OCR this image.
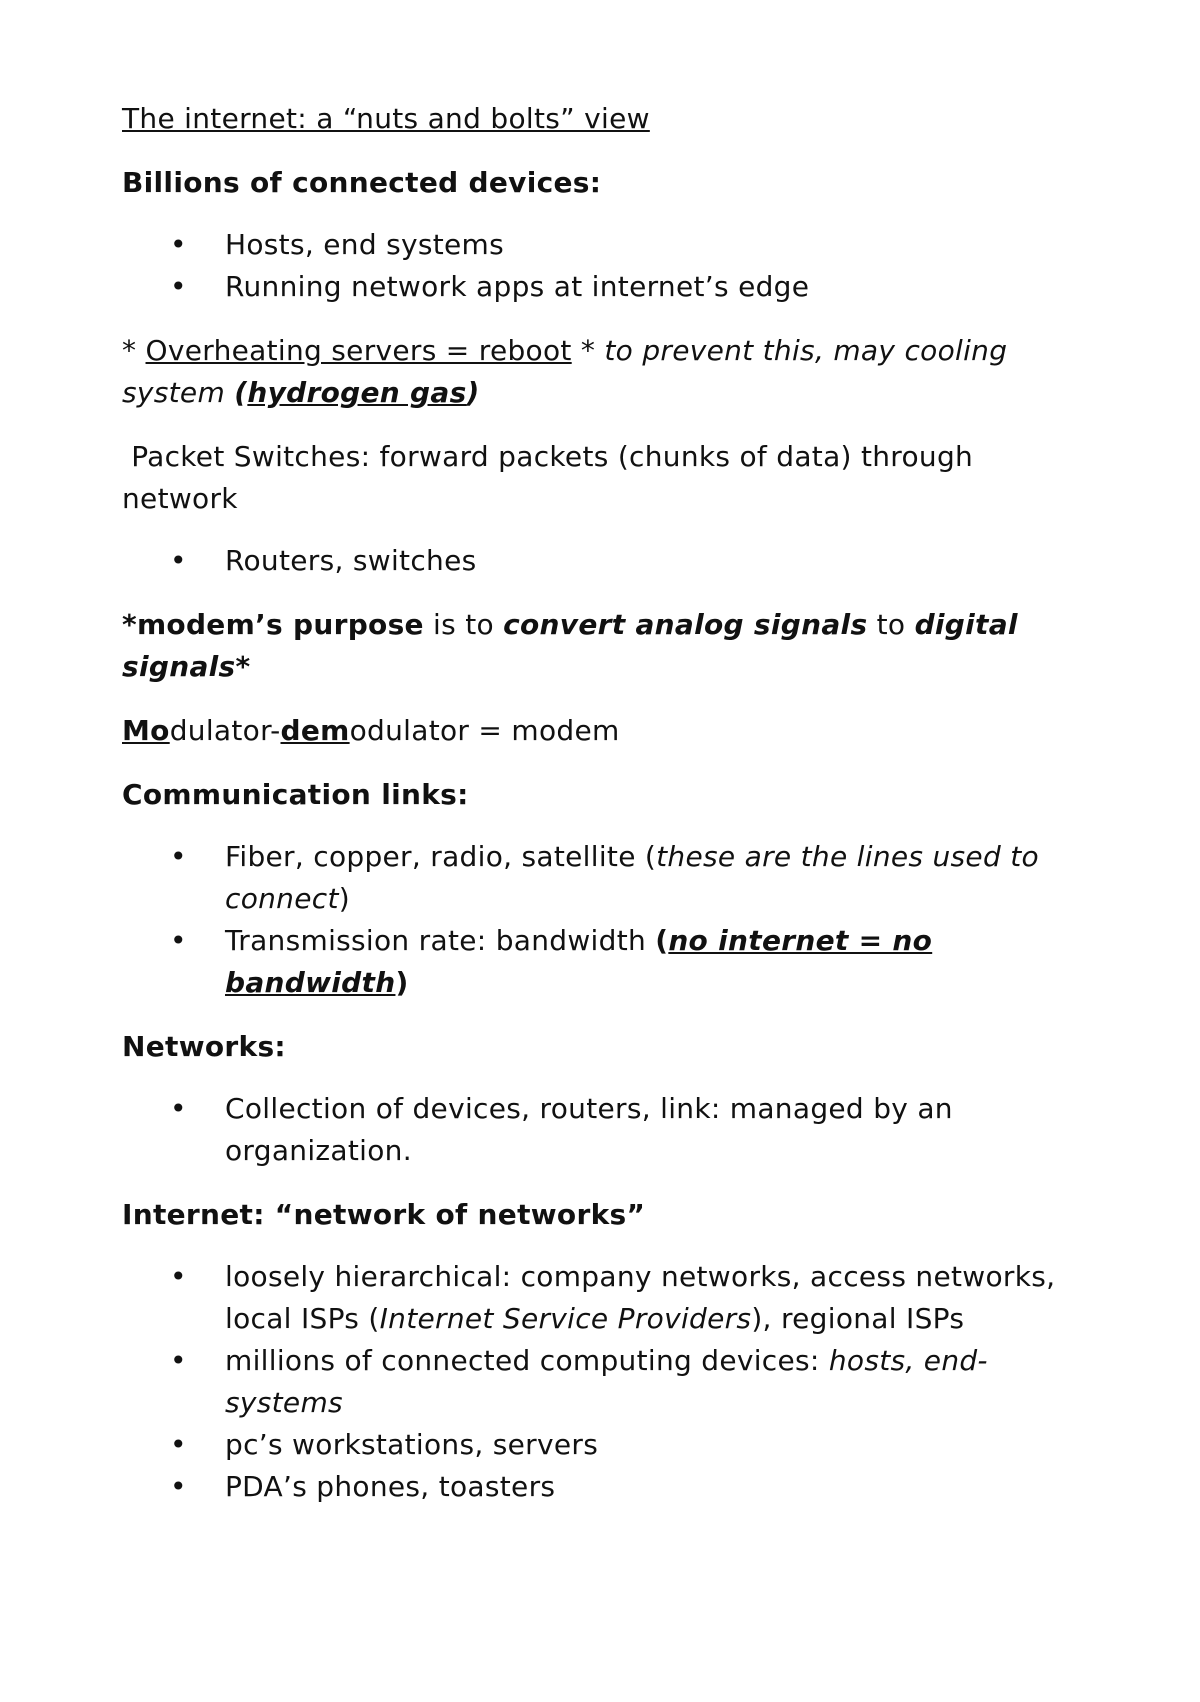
The internet: a “nuts and bolts” view

Billions of connected devices:

• Hosts, end systems
• Running network apps at internet’s edge

* Overheating servers = reboot * to prevent this, may cooling system (hydrogen gas)

Packet Switches: forward packets (chunks of data) through network

• Routers, switches

*modem’s purpose is to convert analog signals to digital signals*

Modulator-demodulator = modem

Communication links:

• Fiber, copper, radio, satellite (these are the lines used to connect)
• Transmission rate: bandwidth (no internet = no bandwidth)

Networks:

• Collection of devices, routers, link: managed by an organization.

Internet: “network of networks”

• loosely hierarchical: company networks, access networks, local ISPs (Internet Service Providers), regional ISPs
• millions of connected computing devices: hosts, end-systems
• pc’s workstations, servers
• PDA’s phones, toasters
